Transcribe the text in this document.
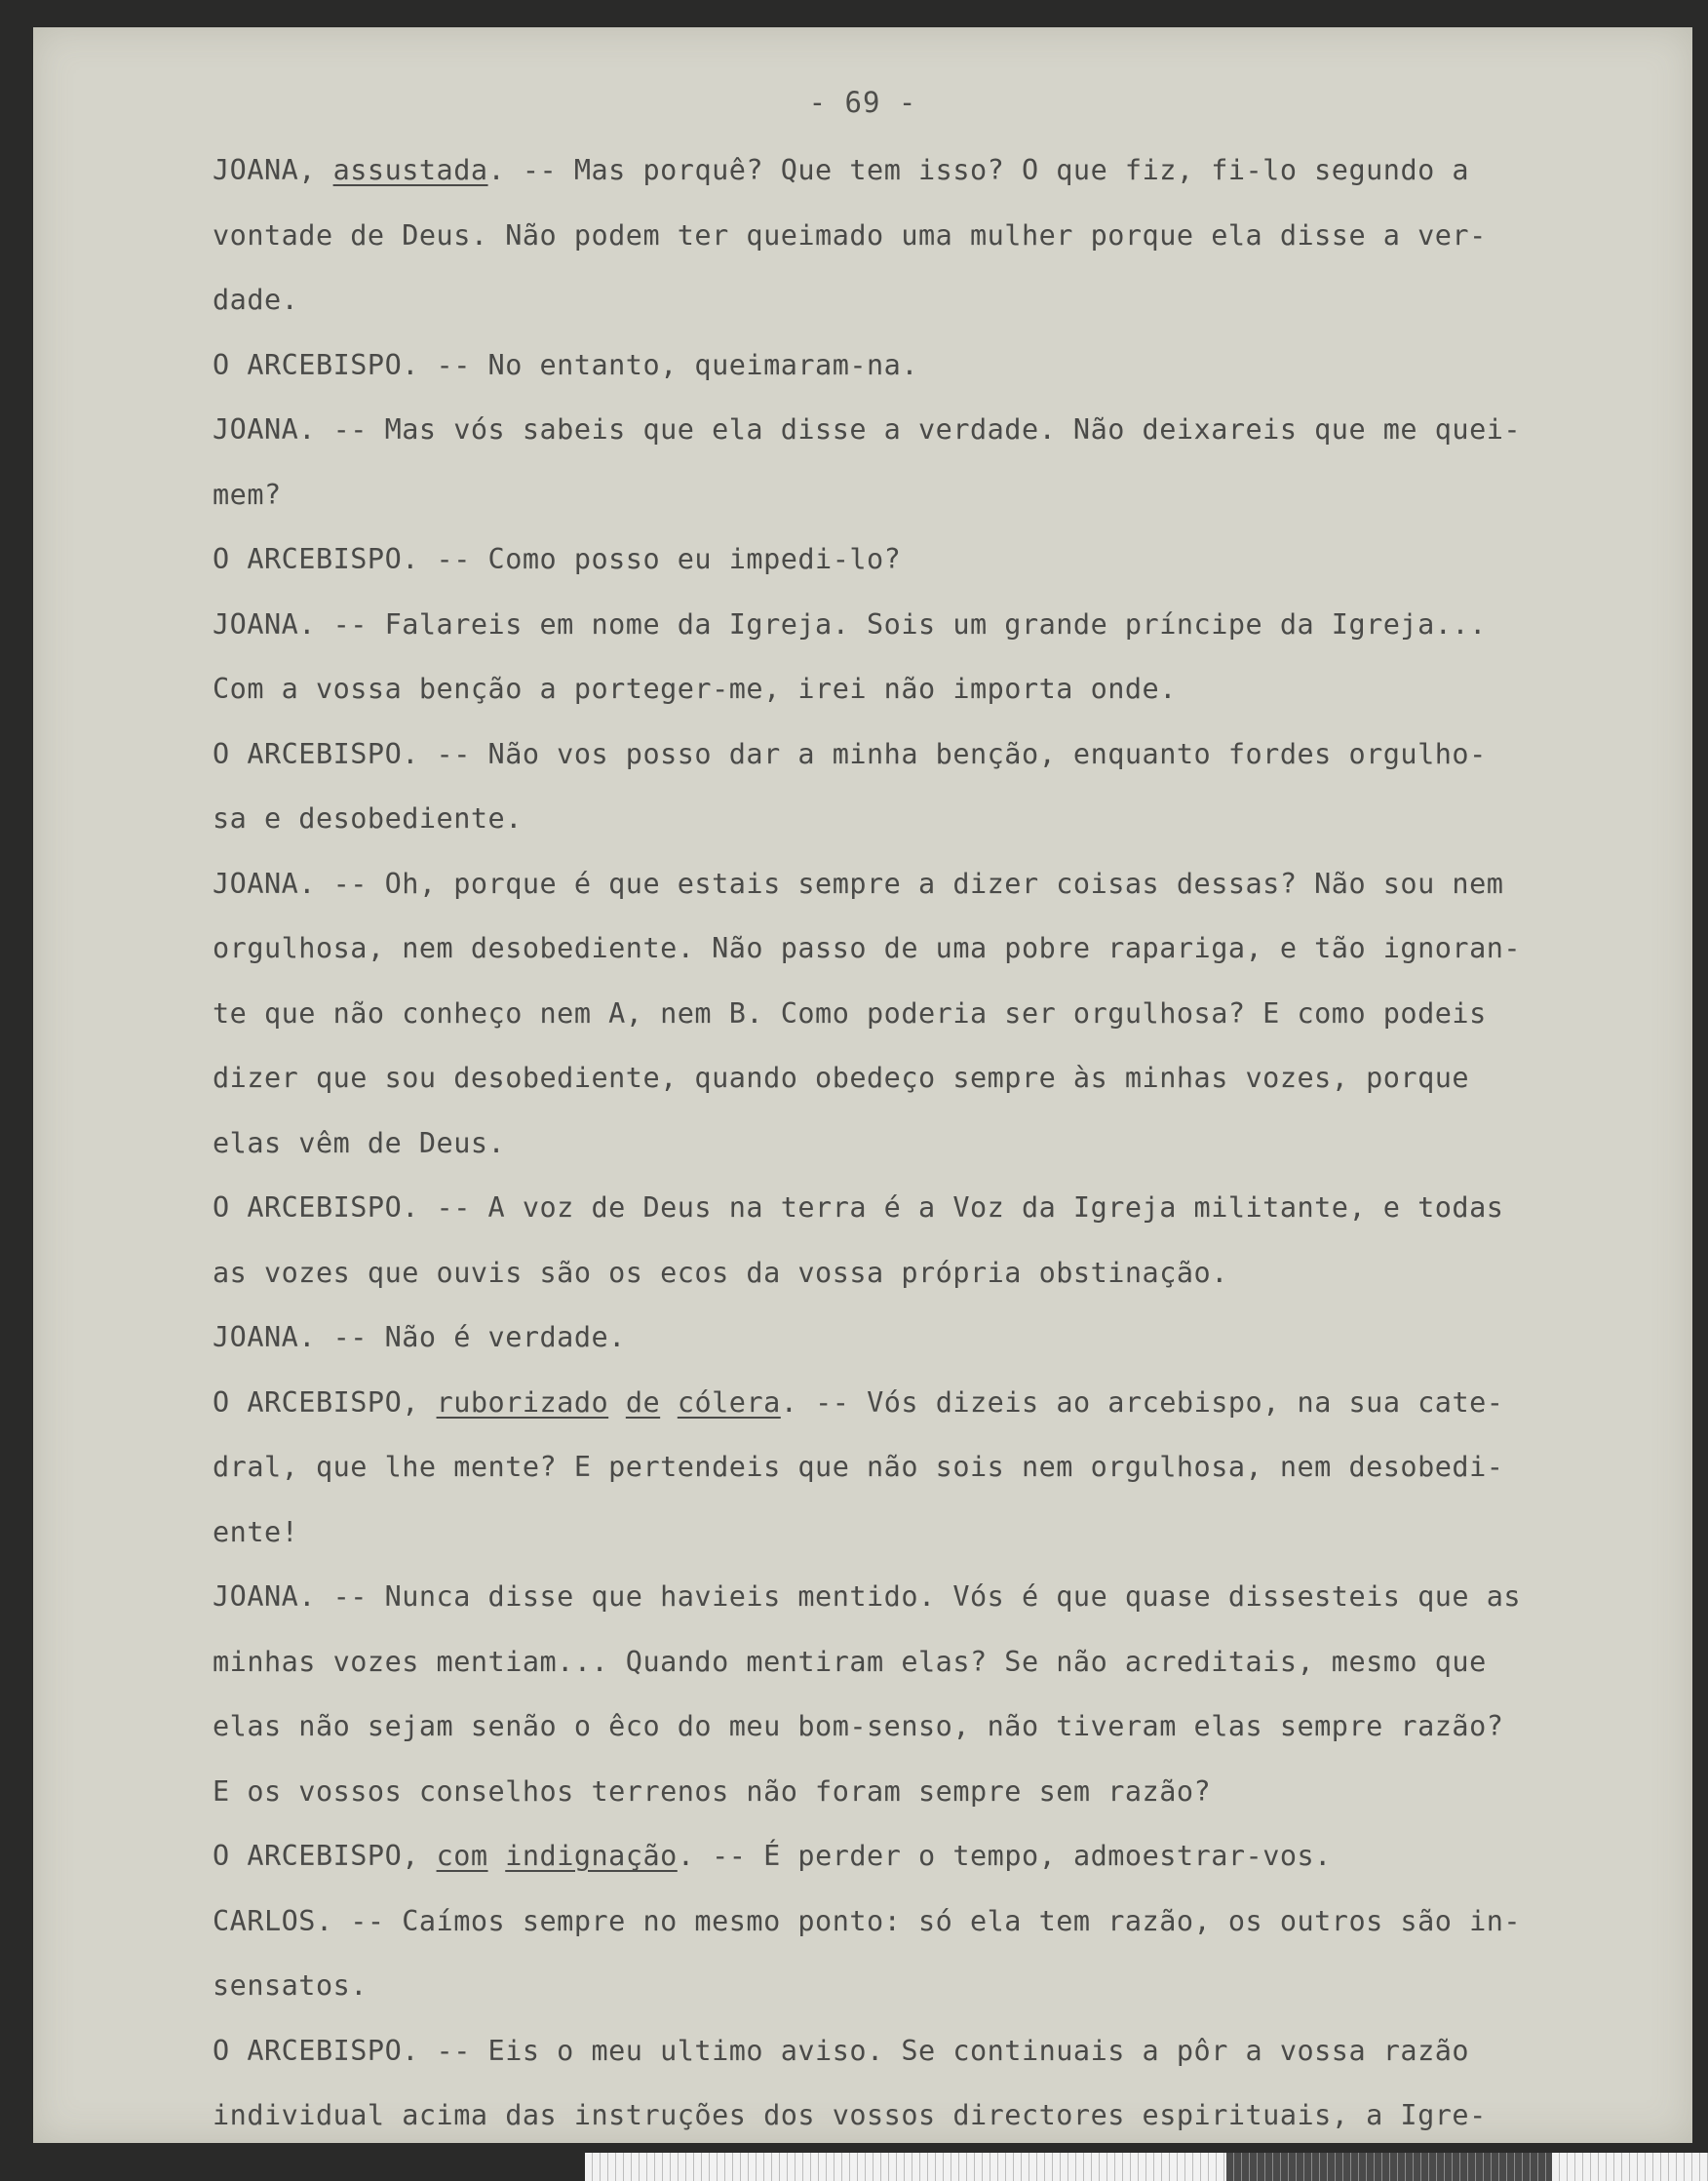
- 69 -
JOANA, assustada. -- Mas porquê? Que tem isso? O que fiz, fi-lo segundo a
vontade de Deus. Não podem ter queimado uma mulher porque ela disse a ver-
dade.
O ARCEBISPO. -- No entanto, queimaram-na.
JOANA. -- Mas vós sabeis que ela disse a verdade. Não deixareis que me quei-
mem?
O ARCEBISPO. -- Como posso eu impedi-lo?
JOANA. -- Falareis em nome da Igreja. Sois um grande príncipe da Igreja...
Com a vossa benção a porteger-me, irei não importa onde.
O ARCEBISPO. -- Não vos posso dar a minha benção, enquanto fordes orgulho-
sa e desobediente.
JOANA. -- Oh, porque é que estais sempre a dizer coisas dessas? Não sou nem
orgulhosa, nem desobediente. Não passo de uma pobre rapariga, e tão ignoran-
te que não conheço nem A, nem B. Como poderia ser orgulhosa? E como podeis
dizer que sou desobediente, quando obedeço sempre às minhas vozes, porque
elas vêm de Deus.
O ARCEBISPO. -- A voz de Deus na terra é a Voz da Igreja militante, e todas
as vozes que ouvis são os ecos da vossa própria obstinação.
JOANA. -- Não é verdade.
O ARCEBISPO, ruborizado de cólera. -- Vós dizeis ao arcebispo, na sua cate-
dral, que lhe mente? E pertendeis que não sois nem orgulhosa, nem desobedi-
ente!
JOANA. -- Nunca disse que havieis mentido. Vós é que quase dissesteis que as
minhas vozes mentiam... Quando mentiram elas? Se não acreditais, mesmo que
elas não sejam senão o êco do meu bom-senso, não tiveram elas sempre razão?
E os vossos conselhos terrenos não foram sempre sem razão?
O ARCEBISPO, com indignação. -- É perder o tempo, admoestrar-vos.
CARLOS. -- Caímos sempre no mesmo ponto: só ela tem razão, os outros são in-
sensatos.
O ARCEBISPO. -- Eis o meu ultimo aviso. Se continuais a pôr a vossa razão
individual acima das instruções dos vossos directores espirituais, a Igre-
